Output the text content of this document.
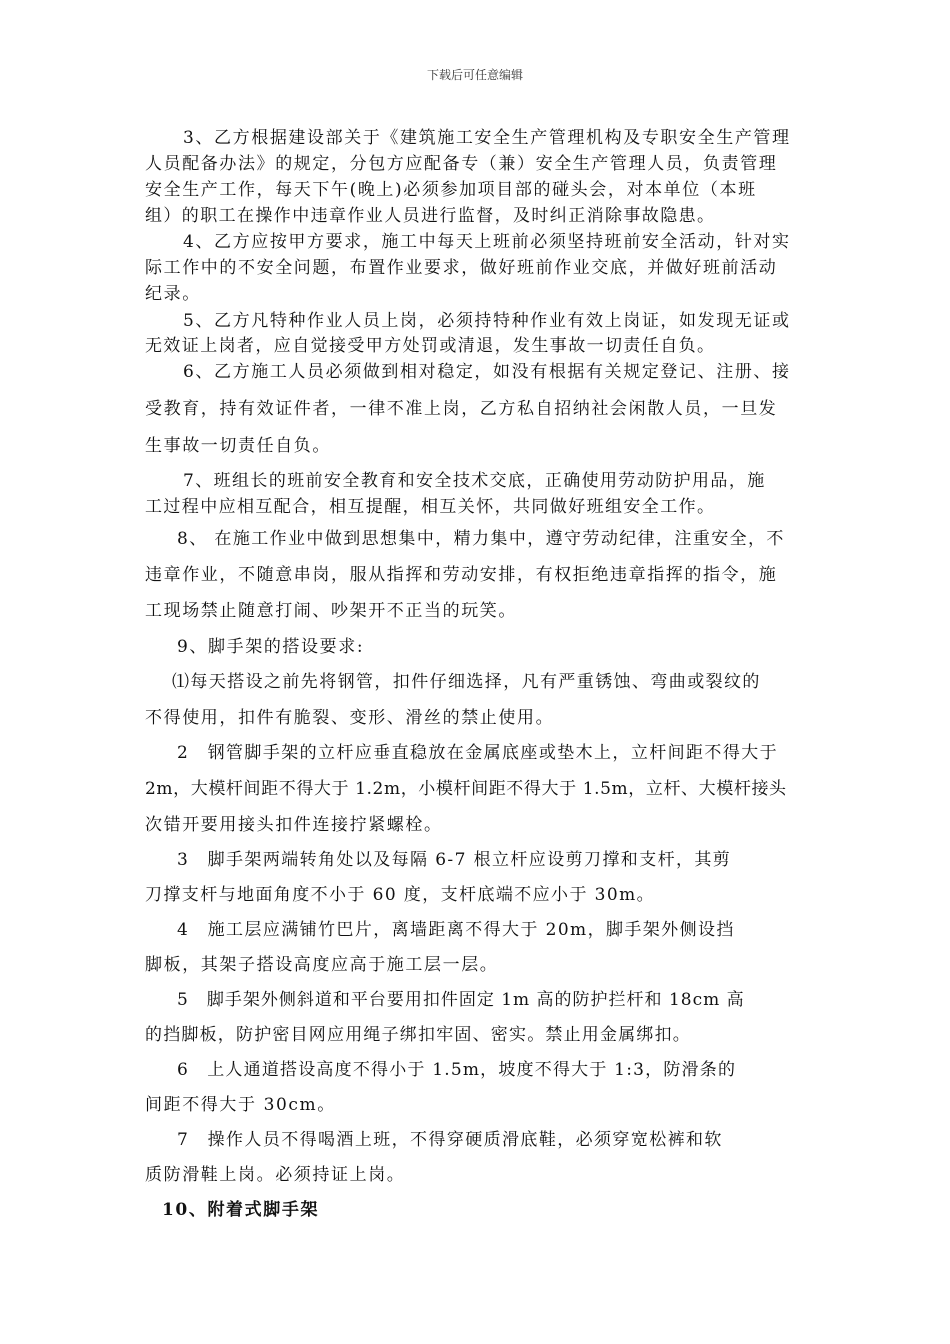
下载后可任意编辑
3、乙方根据建设部关于《建筑施工安全生产管理机构及专职安全生产管理
人员配备办法》的规定，分包方应配备专（兼）安全生产管理人员，负责管理
安全生产工作，每天下午(晚上)必须参加项目部的碰头会，对本单位（本班
组）的职工在操作中违章作业人员进行监督，及时纠正消除事故隐患。
4、乙方应按甲方要求，施工中每天上班前必须坚持班前安全活动，针对实
际工作中的不安全问题，布置作业要求，做好班前作业交底，并做好班前活动
纪录。
5、乙方凡特种作业人员上岗，必须持特种作业有效上岗证，如发现无证或
无效证上岗者，应自觉接受甲方处罚或清退，发生事故一切责任自负。
6、乙方施工人员必须做到相对稳定，如没有根据有关规定登记、注册、接
受教育，持有效证件者，一律不准上岗，乙方私自招纳社会闲散人员，一旦发
生事故一切责任自负。
7、班组长的班前安全教育和安全技术交底，正确使用劳动防护用品，施
工过程中应相互配合，相互提醒，相互关怀，共同做好班组安全工作。
8、 在施工作业中做到思想集中，精力集中，遵守劳动纪律，注重安全，不
违章作业，不随意串岗，服从指挥和劳动安排，有权拒绝违章指挥的指令，施
工现场禁止随意打闹、吵架开不正当的玩笑。
9、脚手架的搭设要求:
⑴每天搭设之前先将钢管，扣件仔细选择，凡有严重锈蚀、弯曲或裂纹的
不得使用，扣件有脆裂、变形、滑丝的禁止使用。
2　钢管脚手架的立杆应垂直稳放在金属底座或垫木上，立杆间距不得大于
2m，大模杆间距不得大于 1.2m，小模杆间距不得大于 1.5m，立杆、大模杆接头
次错开要用接头扣件连接拧紧螺栓。
3　脚手架两端转角处以及每隔 6-7 根立杆应设剪刀撑和支杆，其剪
刀撑支杆与地面角度不小于 60 度，支杆底端不应小于 30m。
4　施工层应满铺竹巴片，离墙距离不得大于 20m，脚手架外侧设挡
脚板，其架子搭设高度应高于施工层一层。
5　脚手架外侧斜道和平台要用扣件固定 1m 高的防护拦杆和 18cm 高
的挡脚板，防护密目网应用绳子绑扣牢固、密实。禁止用金属绑扣。
6　上人通道搭设高度不得小于 1.5m，坡度不得大于 1:3，防滑条的
间距不得大于 30cm。
7　操作人员不得喝酒上班，不得穿硬质滑底鞋，必须穿宽松裤和软
质防滑鞋上岗。必须持证上岗。
10、附着式脚手架
